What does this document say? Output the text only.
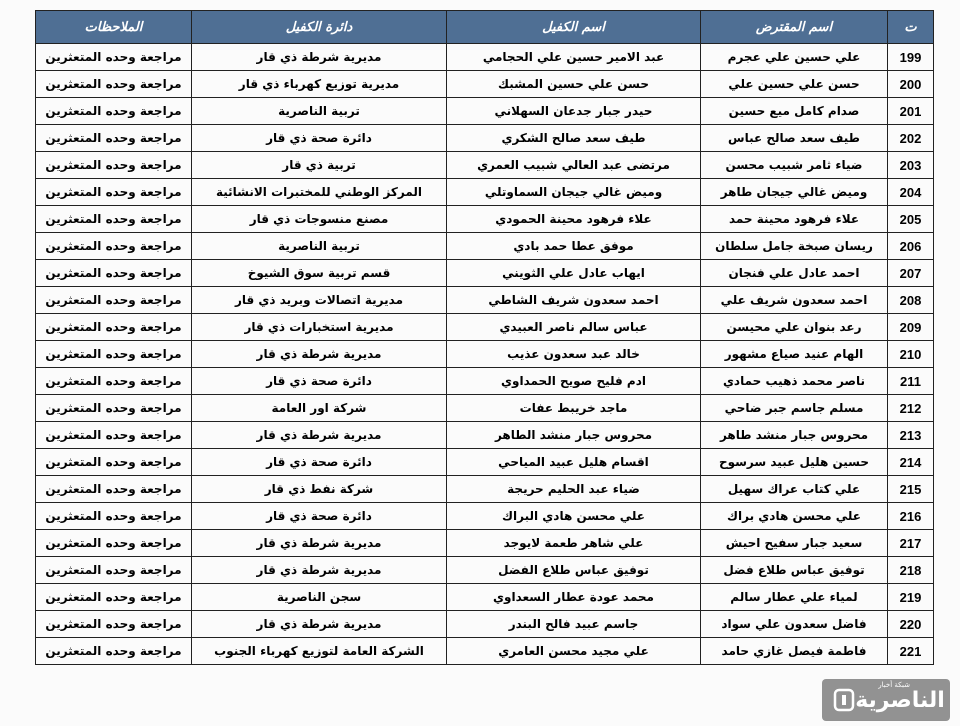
ت	اسم المقترض	اسم الكفيل	دائرة الكفيل	الملاحظات
199	علي حسين علي عجرم	عبد الامير حسين علي الحجامي	مديرية شرطة ذي قار	مراجعة وحده المتعثرين
200	حسن علي حسين علي	حسن علي حسين المشبك	مديرية توزيع كهرباء ذي قار	مراجعة وحده المتعثرين
201	صدام كامل ميع حسين	حيدر جبار جدعان السهلاني	تربية الناصرية	مراجعة وحده المتعثرين
202	طيف سعد صالح عباس	طيف سعد صالح الشكري	دائرة صحة ذي قار	مراجعة وحده المتعثرين
203	ضياء ثامر شبيب محسن	مرتضى عبد العالي شبيب العمري	تربية ذي قار	مراجعة وحده المتعثرين
204	وميض غالي جيجان طاهر	وميض غالي جيجان السماوتلي	المركز الوطني للمختبرات الانشائية	مراجعة وحده المتعثرين
205	علاء فرهود محينة حمد	علاء فرهود محينة الحمودي	مصنع منسوجات ذي قار	مراجعة وحده المتعثرين
206	ريسان صبخة جامل سلطان	موفق عطا حمد بادي	تربية الناصرية	مراجعة وحده المتعثرين
207	احمد عادل علي فنجان	ايهاب عادل علي الثويني	قسم تربية سوق الشيوخ	مراجعة وحده المتعثرين
208	احمد سعدون شريف علي	احمد سعدون شريف الشاطي	مديرية اتصالات وبريد ذي قار	مراجعة وحده المتعثرين
209	رعد بنوان علي محيسن	عباس سالم ناصر العبيدي	مديرية استخبارات ذي قار	مراجعة وحده المتعثرين
210	الهام عنيد صياع مشهور	خالد عبد سعدون عذيب	مديرية شرطة ذي قار	مراجعة وحده المتعثرين
211	ناصر محمد ذهيب حمادي	ادم فليح صويح الحمداوي	دائرة صحة ذي قار	مراجعة وحده المتعثرين
212	مسلم جاسم جبر ضاحي	ماجد خريبط عفات	شركة اور العامة	مراجعة وحده المتعثرين
213	محروس جبار منشد طاهر	محروس جبار منشد الطاهر	مديرية شرطة ذي قار	مراجعة وحده المتعثرين
214	حسين هليل عبيد سرسوح	اقسام هليل عبيد المياحي	دائرة صحة ذي قار	مراجعة وحده المتعثرين
215	علي كتاب عراك سهيل	ضياء عبد الحليم حريجة	شركة نفط ذي قار	مراجعة وحده المتعثرين
216	علي محسن هادي براك	علي محسن هادي البراك	دائرة صحة ذي قار	مراجعة وحده المتعثرين
217	سعيد جبار سفيح احيش	علي شاهر طعمة لايوجد	مديرية شرطة ذي قار	مراجعة وحده المتعثرين
218	توفيق عباس طلاع فضل	توفيق عباس طلاع الفضل	مديرية شرطة ذي قار	مراجعة وحده المتعثرين
219	لمياء علي عطار سالم	محمد عودة عطار السعداوي	سجن الناصرية	مراجعة وحده المتعثرين
220	فاضل سعدون علي سواد	جاسم عبيد فالح البندر	مديرية شرطة ذي قار	مراجعة وحده المتعثرين
221	فاطمة فيصل غازي حامد	علي مجيد محسن العامري	الشركة العامة لتوزيع كهرباء الجنوب	مراجعة وحده المتعثرين
شبكة أخبار
الناصرية
